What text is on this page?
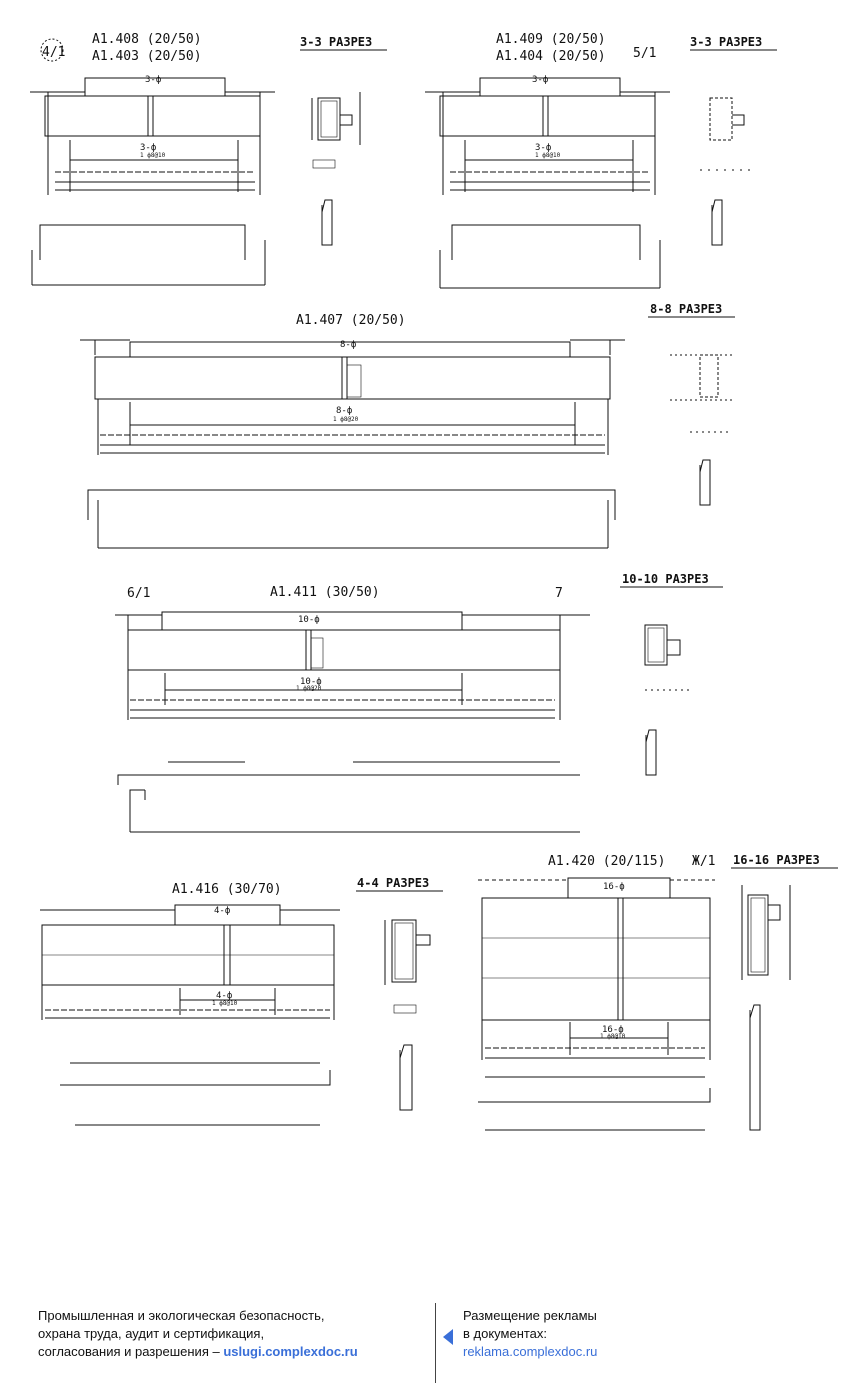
A1.408 (20/50)
A1.403 (20/50)
4/1
3-ф
3-ф
1 ф8@10
3-3 РАЗРЕЗ	A1.409 (20/50)
A1.404 (20/50) 5/1
3-ф
3-ф
1 ф8@10
3-3 РАЗРЕЗ
A1.407 (20/50)
8-8 РАЗРЕЗ
8-ф
8-ф
1 ф8@20
A1.411 (30/50)
6/1	7
10-10 РАЗРЕЗ
10-ф
10-ф
1 ф8@20
A1.416 (30/70)	4-4 РАЗРЕЗ
4-ф
4-ф
1 ф8@10
A1.420 (20/115) Ж/1 16-16 РАЗРЕЗ
16-ф
16-ф
1 ф8@10
Промышленная и экологическая безопасность,
охрана труда, аудит и сертификация,
согласования и разрешения – uslugi.complexdoc.ru
Размещение рекламы
в документах:
reklama.complexdoc.ru
